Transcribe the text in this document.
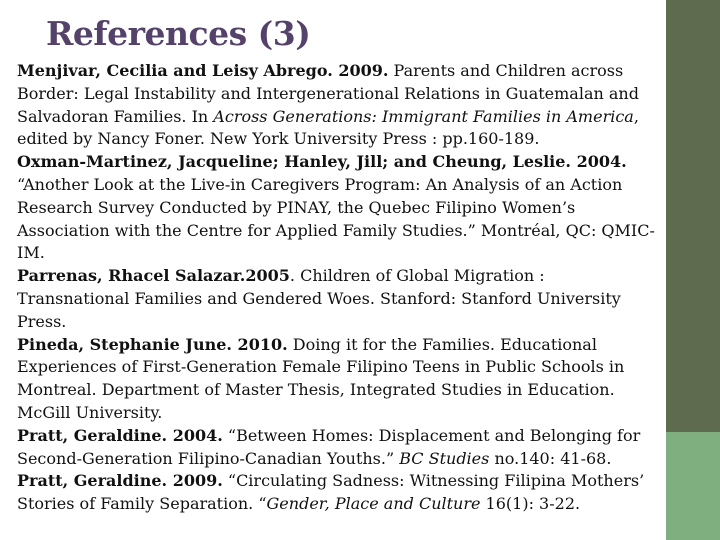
References (3)

Menjivar, Cecilia and Leisy Abrego. 2009. Parents and Children across Border: Legal Instability and Intergenerational Relations in Guatemalan and Salvadoran Families. In Across Generations: Immigrant Families in America, edited by Nancy Foner. New York University Press : pp.160-189.

Oxman-Martinez, Jacqueline; Hanley, Jill; and Cheung, Leslie. 2004. “Another Look at the Live-in Caregivers Program: An Analysis of an Action Research Survey Conducted by PINAY, the Quebec Filipino Women’s Association with the Centre for Applied Family Studies.” Montréal, QC: QMIC-IM.

Parrenas, Rhacel Salazar.2005. Children of Global Migration : Transnational Families and Gendered Woes. Stanford: Stanford University Press.

Pineda, Stephanie June. 2010. Doing it for the Families. Educational Experiences of First-Generation Female Filipino Teens in Public Schools in Montreal. Department of Master Thesis, Integrated Studies in Education. McGill University.

Pratt, Geraldine. 2004. “Between Homes: Displacement and Belonging for Second-Generation Filipino-Canadian Youths.” BC Studies no.140: 41-68.

Pratt, Geraldine. 2009. “Circulating Sadness: Witnessing Filipina Mothers’ Stories of Family Separation. “Gender, Place and Culture 16(1): 3-22.
